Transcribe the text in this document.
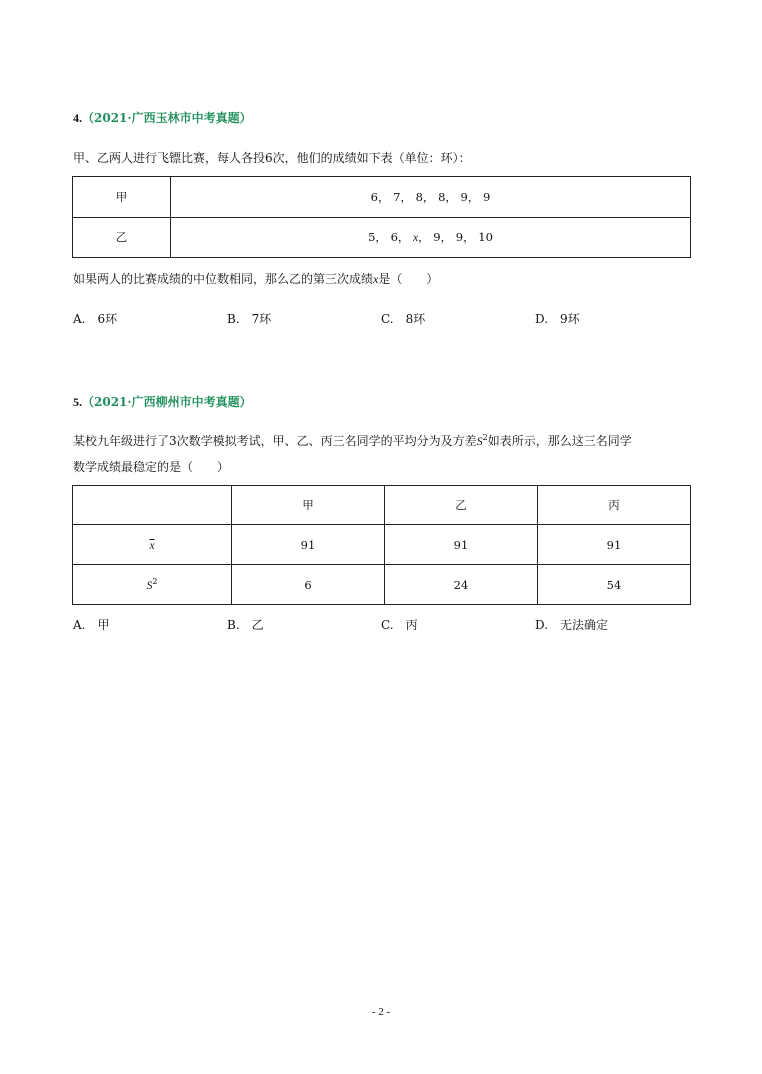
4.（2021·广西玉林市中考真题）
甲、乙两人进行飞镖比赛，每人各投6次，他们的成绩如下表（单位：环）：
甲	6， 7， 8， 8， 9， 9
乙	5， 6， x， 9， 9， 10
如果两人的比赛成绩的中位数相同，那么乙的第三次成绩x是（　　）
A.　6环	B.　7环	C.　8环	D.　9环
5.（2021·广西柳州市中考真题）
某校九年级进行了3次数学模拟考试，甲、乙、丙三名同学的平均分为及方差$S^2$如表所示，那么这三名同学
数学成绩最稳定的是（　　）
	甲	乙	丙
$\overline{x}$	91	91	91
$S^2$	6	24	54
A.　甲	B.　乙	C.　丙	D.　无法确定
- 2 -
